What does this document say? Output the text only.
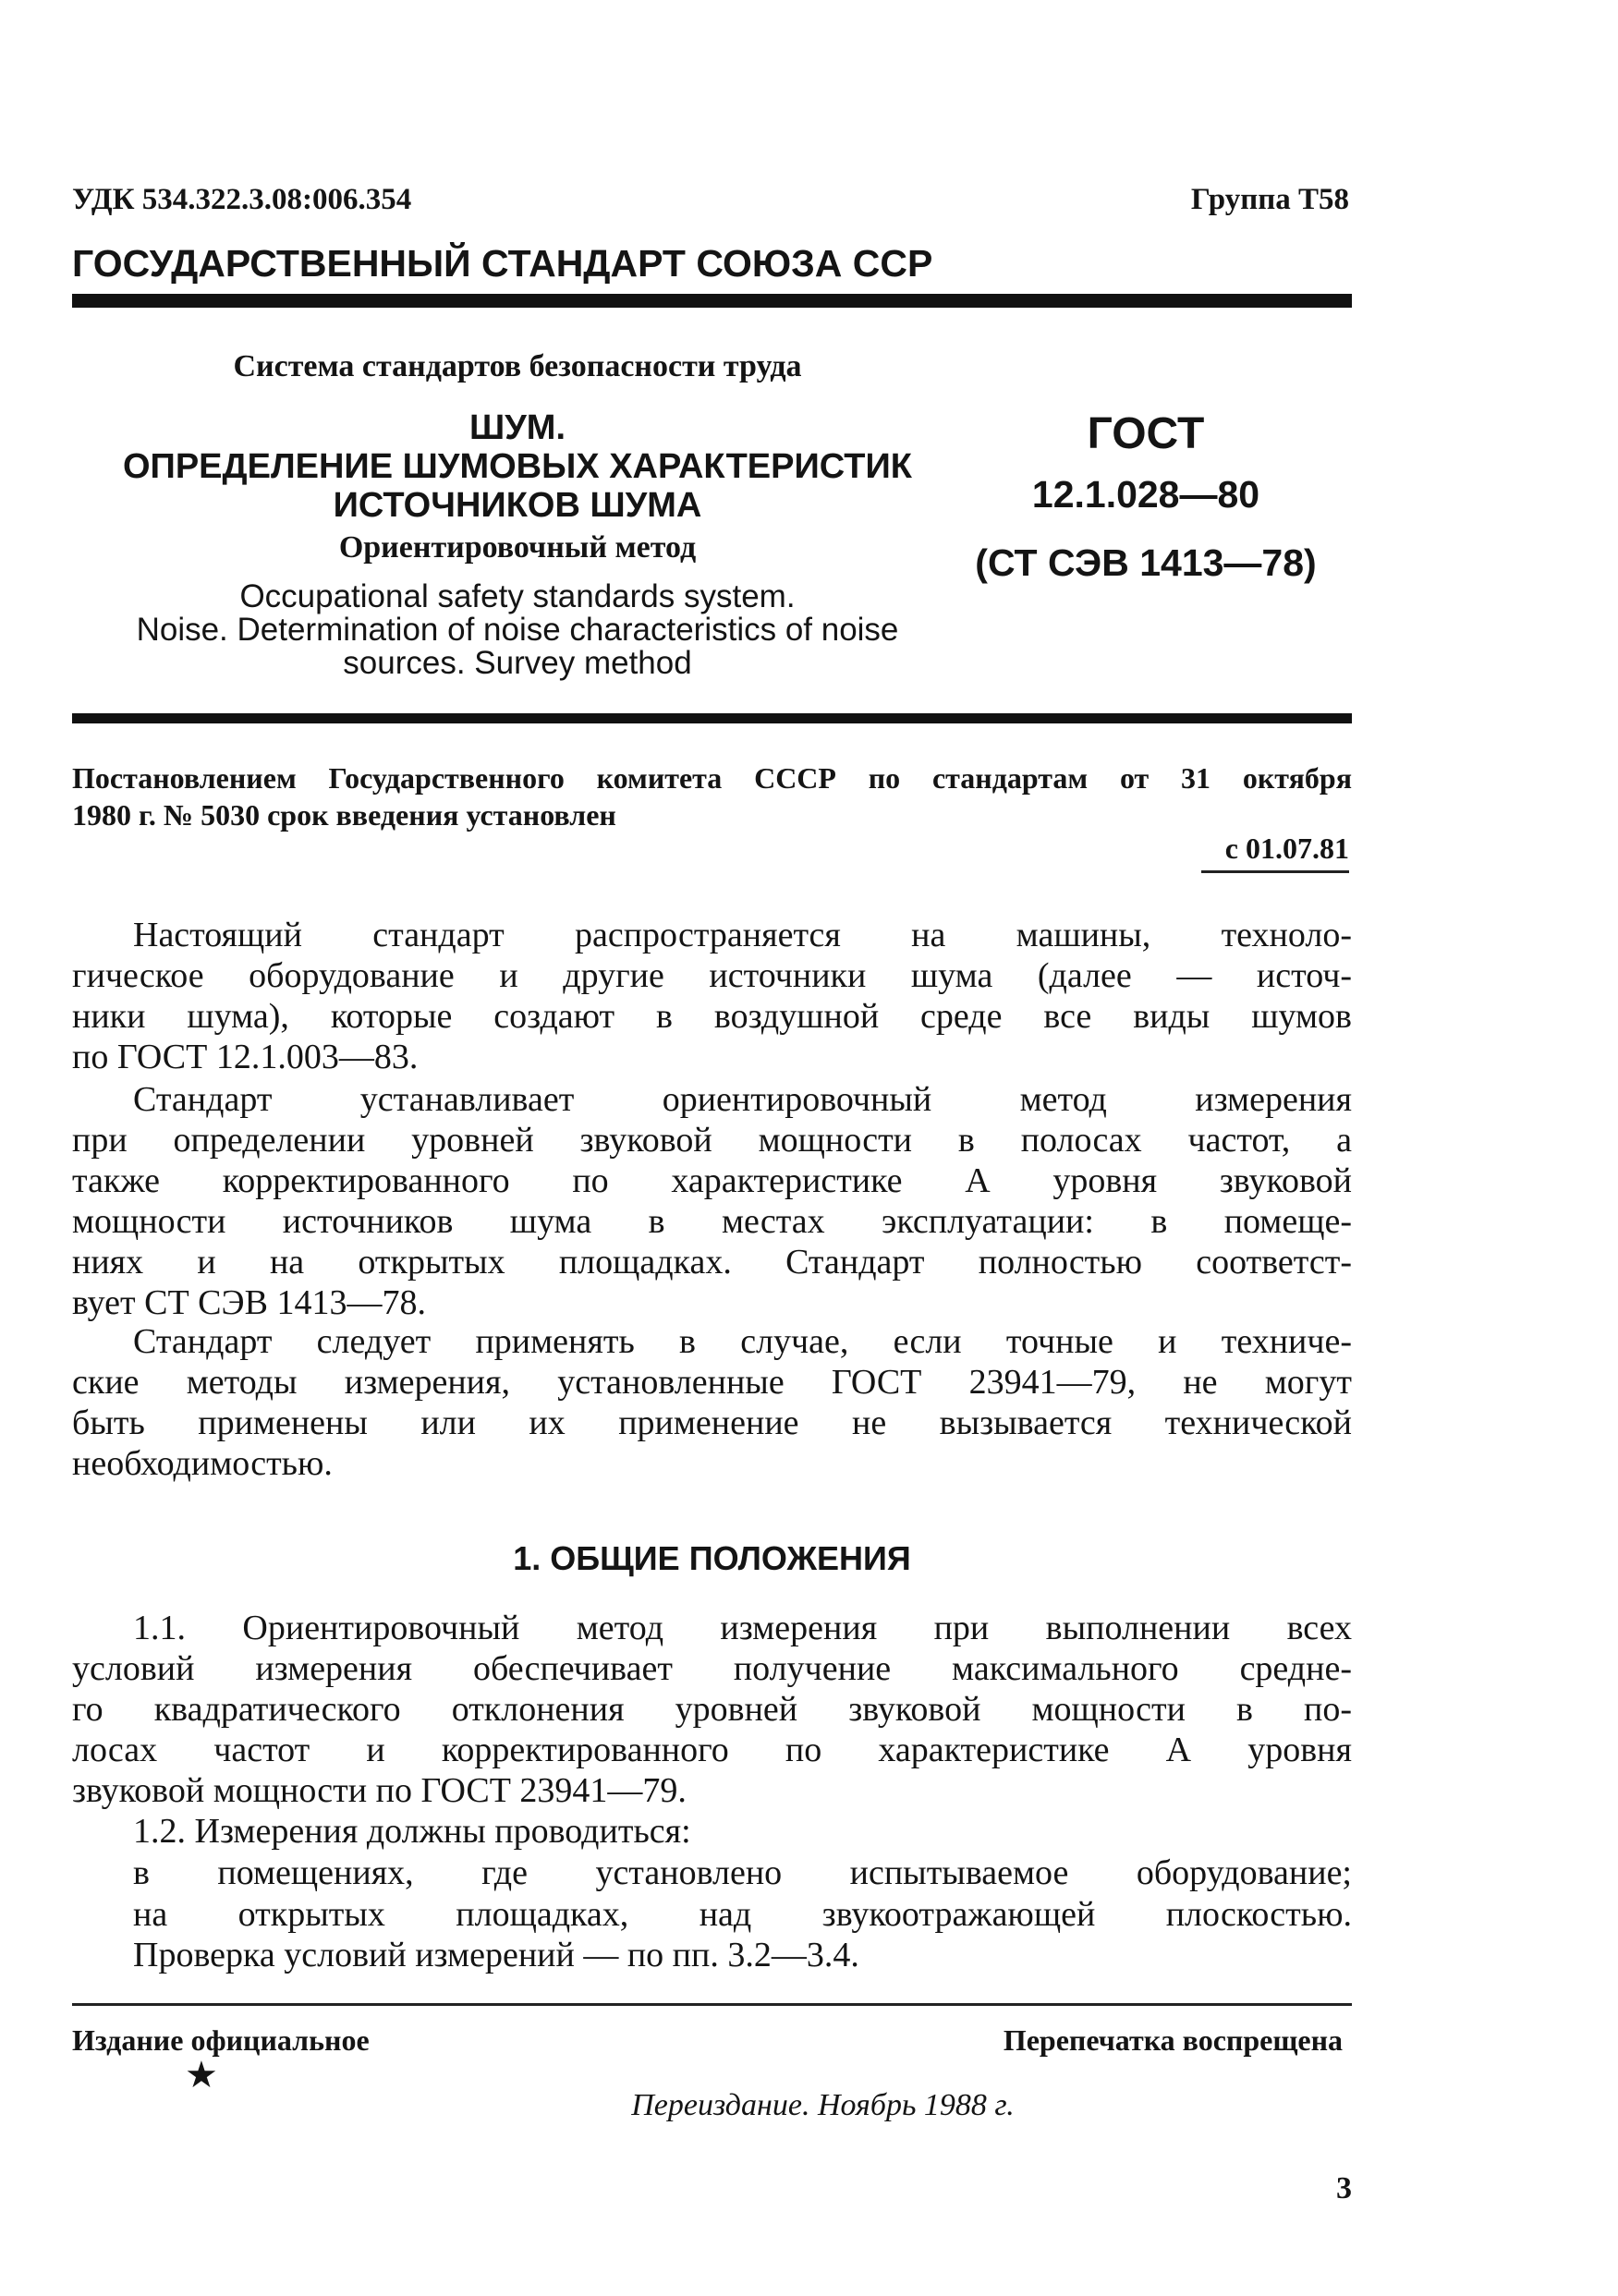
УДК 534.322.3.08:006.354	Группа Т58
ГОСУДАРСТВЕННЫЙ СТАНДАРТ СОЮЗА ССР
Система стандартов безопасности труда
ШУМ.
ОПРЕДЕЛЕНИЕ ШУМОВЫХ ХАРАКТЕРИСТИК
ИСТОЧНИКОВ ШУМА
Ориентировочный метод
Occupational safety standards system.
Noise. Determination of noise characteristics of noise
sources. Survey method
ГОСТ
12.1.028—80
(СТ СЭВ 1413—78)
Постановлением Государственного комитета СССР по стандартам от 31 октября
1980 г. № 5030 срок введения установлен
с 01.07.81

Настоящий стандарт распространяется на машины, техноло-
гическое оборудование и другие источники шума (далее — источ-
ники шума), которые создают в воздушной среде все виды шумов
по ГОСТ 12.1.003—83.

Стандарт устанавливает ориентировочный метод измерения
при определении уровней звуковой мощности в полосах частот, а
также корректированного по характеристике А уровня звуковой
мощности источников шума в местах эксплуатации: в помеще-
ниях и на открытых площадках. Стандарт полностью соответст-
вует СТ СЭВ 1413—78.

Стандарт следует применять в случае, если точные и техниче-
ские методы измерения, установленные ГОСТ 23941—79, не могут
быть применены или их применение не вызывается технической
необходимостью.

1. ОБЩИЕ ПОЛОЖЕНИЯ

1.1. Ориентировочный метод измерения при выполнении всех
условий измерения обеспечивает получение максимального средне-
го квадратического отклонения уровней звуковой мощности в по-
лосах частот и корректированного по характеристике А уровня
звуковой мощности по ГОСТ 23941—79.

1.2. Измерения должны проводиться:

в помещениях, где установлено испытываемое оборудование;

на открытых площадках, над звукоотражающей плоскостью.

Проверка условий измерений — по пп. 3.2—3.4.

Издание официальное
★
Перепечатка воспрещена
Переиздание. Ноябрь 1988 г.
3
